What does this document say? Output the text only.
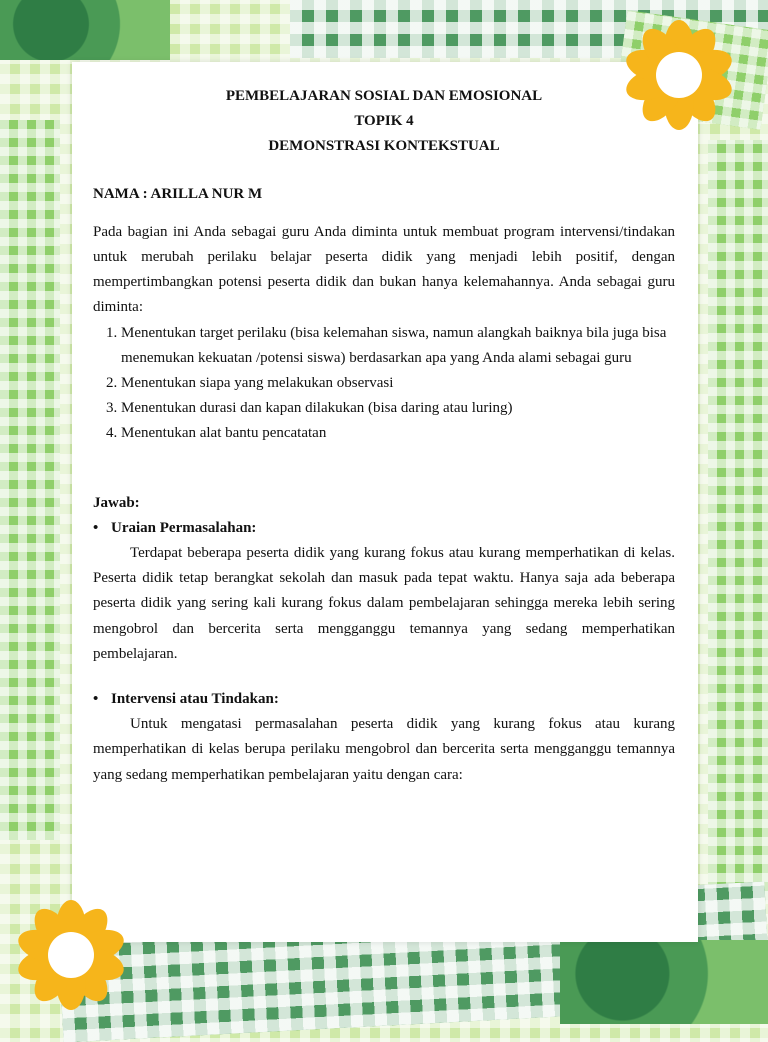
PEMBELAJARAN SOSIAL DAN EMOSIONAL

TOPIK 4

DEMONSTRASI KONTEKSTUAL

NAMA : ARILLA NUR M

Pada bagian ini Anda sebagai guru Anda diminta untuk membuat program intervensi/tindakan untuk merubah perilaku belajar peserta didik yang menjadi lebih positif, dengan mempertimbangkan potensi peserta didik dan bukan hanya kelemahannya. Anda sebagai guru diminta:

1. Menentukan target perilaku (bisa kelemahan siswa, namun alangkah baiknya bila juga bisa menemukan kekuatan /potensi siswa) berdasarkan apa yang Anda alami sebagai guru
2. Menentukan siapa yang melakukan observasi
3. Menentukan durasi dan kapan dilakukan (bisa daring atau luring)
4. Menentukan alat bantu pencatatan

Jawab:

• Uraian Permasalahan:

Terdapat beberapa peserta didik yang kurang fokus atau kurang memperhatikan di kelas. Peserta didik tetap berangkat sekolah dan masuk pada tepat waktu. Hanya saja ada beberapa peserta didik yang sering kali kurang fokus dalam pembelajaran sehingga mereka lebih sering mengobrol dan bercerita serta mengganggu temannya yang sedang memperhatikan pembelajaran.

• Intervensi atau Tindakan:

Untuk mengatasi permasalahan peserta didik yang kurang fokus atau kurang memperhatikan di kelas berupa perilaku mengobrol dan bercerita serta mengganggu temannya yang sedang memperhatikan pembelajaran yaitu dengan cara:
